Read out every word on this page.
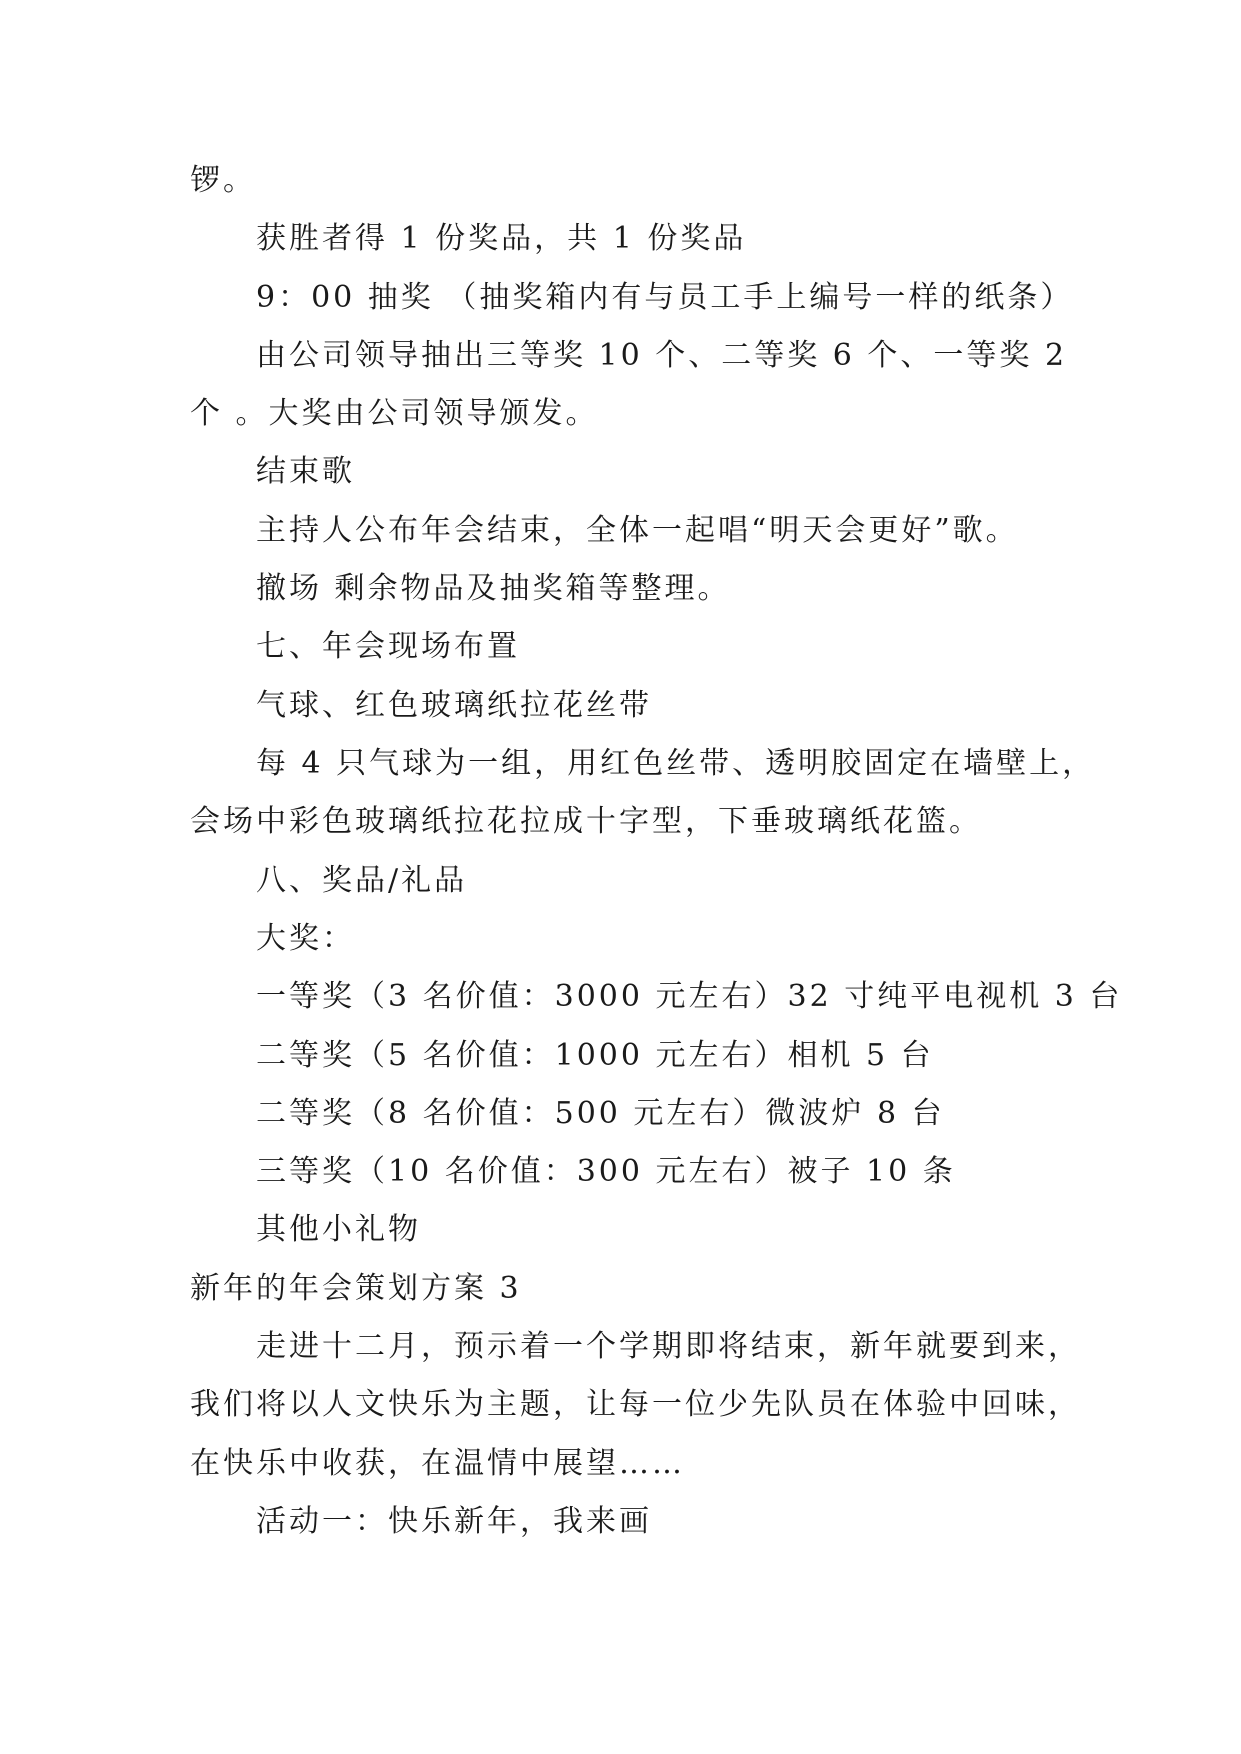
锣。

获胜者得 1 份奖品，共 1 份奖品

9：00 抽奖 （抽奖箱内有与员工手上编号一样的纸条）

由公司领导抽出三等奖 10 个、二等奖 6 个、一等奖 2

个 。大奖由公司领导颁发。

结束歌

主持人公布年会结束，全体一起唱“明天会更好”歌。

撤场 剩余物品及抽奖箱等整理。

七、年会现场布置

气球、红色玻璃纸拉花丝带

每 4 只气球为一组，用红色丝带、透明胶固定在墙壁上，

会场中彩色玻璃纸拉花拉成十字型，下垂玻璃纸花篮。

八、奖品/礼品

大奖：

一等奖（3 名价值：3000 元左右）32 寸纯平电视机 3 台

二等奖（5 名价值：1000 元左右）相机 5 台

二等奖（8 名价值：500 元左右）微波炉 8 台

三等奖（10 名价值：300 元左右）被子 10 条

其他小礼物

新年的年会策划方案 3

走进十二月，预示着一个学期即将结束，新年就要到来，

我们将以人文快乐为主题，让每一位少先队员在体验中回味，

在快乐中收获，在温情中展望……

活动一：快乐新年，我来画
